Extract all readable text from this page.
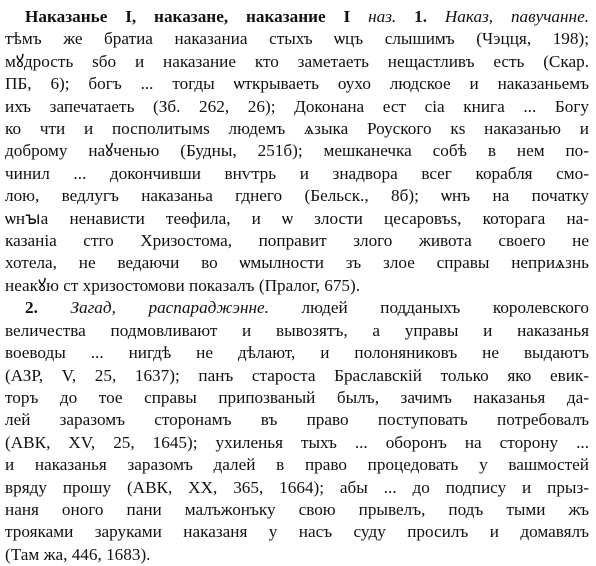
Наказанье I, наказане, наказание I наз. 1. Наказ, павучанне.
тѣмъ же братиа наказаниа стыхъ ѡцъ слышимъ (Чэцця, 198);
мꙋдрость ѕбо и наказание кто заметаеть нещастливъ есть (Скар.
ПБ, 6); богъ ... тогды ѡткрываеть оухо людское и наказаньемъ
ихъ запечатаеть (Зб. 262, 26); Доконана ест сіа книга ... Богу
ко чти и посполитымѕ людемъ ѧзыка Роуского кѕ наказанью и
доброму наꙋченью (Будны, 251б); мешканечка собѣ в нем по-
чинил ... докончивши внѵтрь и знадвора всег корабля смо-
лою, ведлугъ наказаньа гднего (Бельск., 8б); ѡнъ на початку
ѡнꙑа ненависти теѳфила, и ѡ злости цесаровъѕ, которага на-
казаніа стго Хризостома, поправит злого живота своего не
хотела, не ведаючи во ѡмылности зъ злое справы неприѧзнь
неакꙋю ст хризостомови показалъ (Пралог, 675).
2. Загад, распараджэнне. людей подданыхъ королевского
величества подмовливают и вывозятъ, а управы и наказанья
воеводы ... нигдѣ не дѣлают, и полоняниковъ не выдаютъ
(АЗР, V, 25, 1637); панъ староста Браславскій только яко евик-
торъ до тое справы припозваный былъ, зачимъ наказанья да-
лей заразомъ сторонамъ въ право поступовать потребовалъ
(АВК, XV, 25, 1645); ухиленья тыхъ ... оборонъ на сторону ...
и наказанья заразомъ далей в право процедовать у вашмостей
вряду прошу (АВК, XX, 365, 1664); абы ... до подпису и прыз-
наня оного пани малъжонъку свою прывелъ, подъ тыми жъ
трояками заруками наказаня у насъ суду просилъ и домавялъ
(Там жа, 446, 1683).
